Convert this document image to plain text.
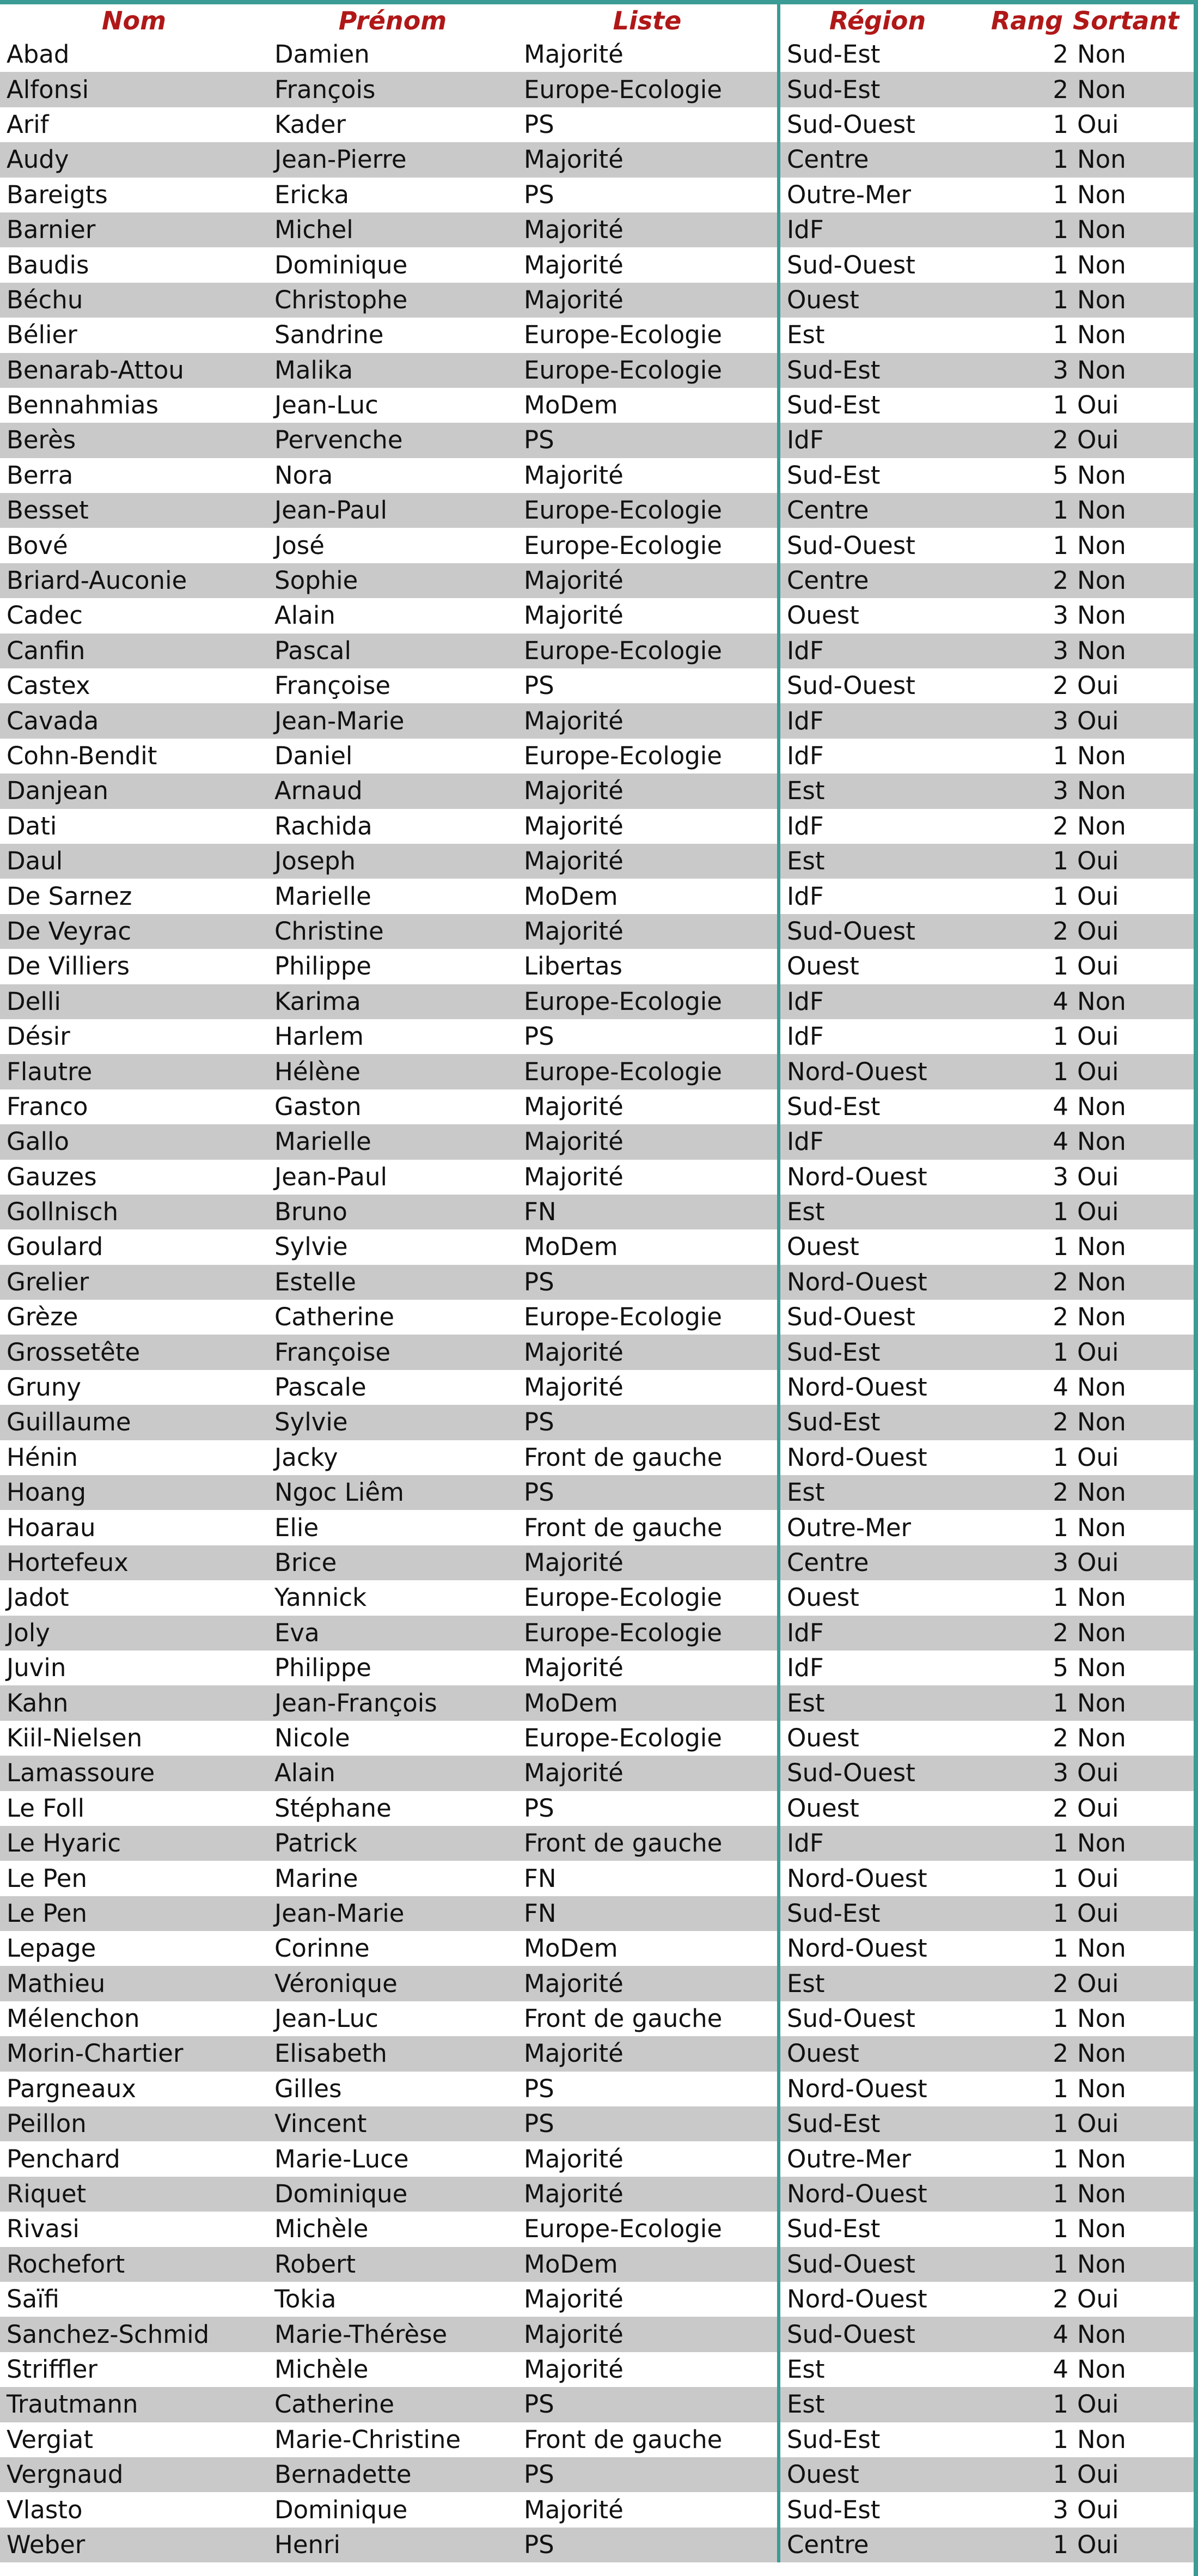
Nom	Prénom	Liste	Région	Rang	Sortant
Abad	Damien	Majorité	Sud-Est	2	Non
Alfonsi	François	Europe-Ecologie	Sud-Est	2	Non
Arif	Kader	PS	Sud-Ouest	1	Oui
Audy	Jean-Pierre	Majorité	Centre	1	Non
Bareigts	Ericka	PS	Outre-Mer	1	Non
Barnier	Michel	Majorité	IdF	1	Non
Baudis	Dominique	Majorité	Sud-Ouest	1	Non
Béchu	Christophe	Majorité	Ouest	1	Non
Bélier	Sandrine	Europe-Ecologie	Est	1	Non
Benarab-Attou	Malika	Europe-Ecologie	Sud-Est	3	Non
Bennahmias	Jean-Luc	MoDem	Sud-Est	1	Oui
Berès	Pervenche	PS	IdF	2	Oui
Berra	Nora	Majorité	Sud-Est	5	Non
Besset	Jean-Paul	Europe-Ecologie	Centre	1	Non
Bové	José	Europe-Ecologie	Sud-Ouest	1	Non
Briard-Auconie	Sophie	Majorité	Centre	2	Non
Cadec	Alain	Majorité	Ouest	3	Non
Canfin	Pascal	Europe-Ecologie	IdF	3	Non
Castex	Françoise	PS	Sud-Ouest	2	Oui
Cavada	Jean-Marie	Majorité	IdF	3	Oui
Cohn-Bendit	Daniel	Europe-Ecologie	IdF	1	Non
Danjean	Arnaud	Majorité	Est	3	Non
Dati	Rachida	Majorité	IdF	2	Non
Daul	Joseph	Majorité	Est	1	Oui
De Sarnez	Marielle	MoDem	IdF	1	Oui
De Veyrac	Christine	Majorité	Sud-Ouest	2	Oui
De Villiers	Philippe	Libertas	Ouest	1	Oui
Delli	Karima	Europe-Ecologie	IdF	4	Non
Désir	Harlem	PS	IdF	1	Oui
Flautre	Hélène	Europe-Ecologie	Nord-Ouest	1	Oui
Franco	Gaston	Majorité	Sud-Est	4	Non
Gallo	Marielle	Majorité	IdF	4	Non
Gauzes	Jean-Paul	Majorité	Nord-Ouest	3	Oui
Gollnisch	Bruno	FN	Est	1	Oui
Goulard	Sylvie	MoDem	Ouest	1	Non
Grelier	Estelle	PS	Nord-Ouest	2	Non
Grèze	Catherine	Europe-Ecologie	Sud-Ouest	2	Non
Grossetête	Françoise	Majorité	Sud-Est	1	Oui
Gruny	Pascale	Majorité	Nord-Ouest	4	Non
Guillaume	Sylvie	PS	Sud-Est	2	Non
Hénin	Jacky	Front de gauche	Nord-Ouest	1	Oui
Hoang	Ngoc Liêm	PS	Est	2	Non
Hoarau	Elie	Front de gauche	Outre-Mer	1	Non
Hortefeux	Brice	Majorité	Centre	3	Oui
Jadot	Yannick	Europe-Ecologie	Ouest	1	Non
Joly	Eva	Europe-Ecologie	IdF	2	Non
Juvin	Philippe	Majorité	IdF	5	Non
Kahn	Jean-François	MoDem	Est	1	Non
Kiil-Nielsen	Nicole	Europe-Ecologie	Ouest	2	Non
Lamassoure	Alain	Majorité	Sud-Ouest	3	Oui
Le Foll	Stéphane	PS	Ouest	2	Oui
Le Hyaric	Patrick	Front de gauche	IdF	1	Non
Le Pen	Marine	FN	Nord-Ouest	1	Oui
Le Pen	Jean-Marie	FN	Sud-Est	1	Oui
Lepage	Corinne	MoDem	Nord-Ouest	1	Non
Mathieu	Véronique	Majorité	Est	2	Oui
Mélenchon	Jean-Luc	Front de gauche	Sud-Ouest	1	Non
Morin-Chartier	Elisabeth	Majorité	Ouest	2	Non
Pargneaux	Gilles	PS	Nord-Ouest	1	Non
Peillon	Vincent	PS	Sud-Est	1	Oui
Penchard	Marie-Luce	Majorité	Outre-Mer	1	Non
Riquet	Dominique	Majorité	Nord-Ouest	1	Non
Rivasi	Michèle	Europe-Ecologie	Sud-Est	1	Non
Rochefort	Robert	MoDem	Sud-Ouest	1	Non
Saïfi	Tokia	Majorité	Nord-Ouest	2	Oui
Sanchez-Schmid	Marie-Thérèse	Majorité	Sud-Ouest	4	Non
Striffler	Michèle	Majorité	Est	4	Non
Trautmann	Catherine	PS	Est	1	Oui
Vergiat	Marie-Christine	Front de gauche	Sud-Est	1	Non
Vergnaud	Bernadette	PS	Ouest	1	Oui
Vlasto	Dominique	Majorité	Sud-Est	3	Oui
Weber	Henri	PS	Centre	1	Oui
